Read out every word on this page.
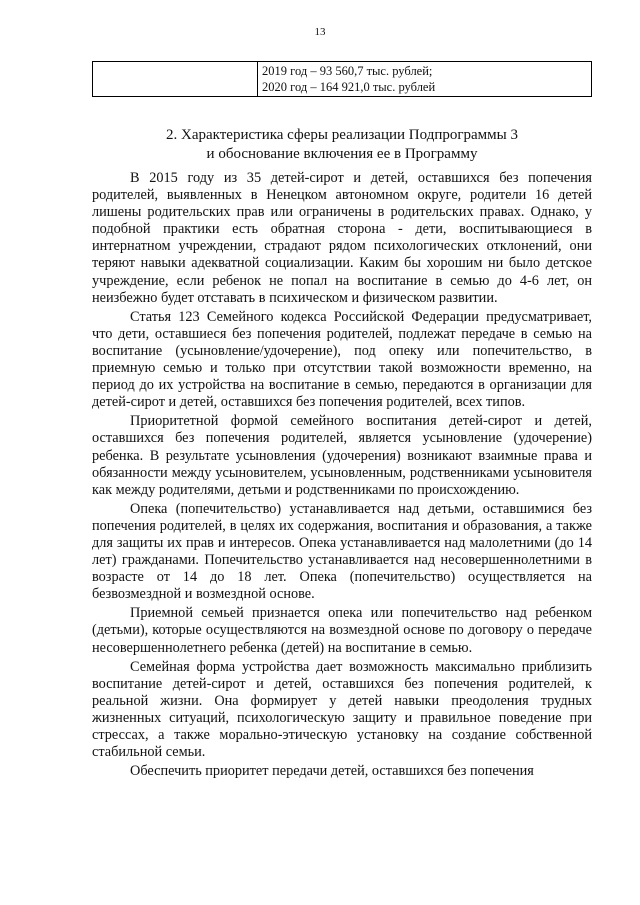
13

2019 год – 93 560,7 тыс. рублей;
2020 год – 164 921,0 тыс. рублей
2. Характеристика сферы реализации Подпрограммы 3
и обоснование включения ее в Программу

В 2015 году из 35 детей-сирот и детей, оставшихся без попечения родителей, выявленных в Ненецком автономном округе, родители 16 детей лишены родительских прав или ограничены в родительских правах. Однако, у подобной практики есть обратная сторона - дети, воспитывающиеся в интернатном учреждении, страдают рядом психологических отклонений, они теряют навыки адекватной социализации. Каким бы хорошим ни было детское учреждение, если ребенок не попал на воспитание в семью до 4-6 лет, он неизбежно будет отставать в психическом и физическом развитии.

Статья 123 Семейного кодекса Российской Федерации предусматривает, что дети, оставшиеся без попечения родителей, подлежат передаче в семью на воспитание (усыновление/удочерение), под опеку или попечительство, в приемную семью и только при отсутствии такой возможности временно, на период до их устройства на воспитание в семью, передаются в организации для детей-сирот и детей, оставшихся без попечения родителей, всех типов.

Приоритетной формой семейного воспитания детей-сирот и детей, оставшихся без попечения родителей, является усыновление (удочерение) ребенка. В результате усыновления (удочерения) возникают взаимные права и обязанности между усыновителем, усыновленным, родственниками усыновителя как между родителями, детьми и родственниками по происхождению.

Опека (попечительство) устанавливается над детьми, оставшимися без попечения родителей, в целях их содержания, воспитания и образования, а также для защиты их прав и интересов. Опека устанавливается над малолетними (до 14 лет) гражданами. Попечительство устанавливается над несовершеннолетними в возрасте от 14 до 18 лет. Опека (попечительство) осуществляется на безвозмездной и возмездной основе.

Приемной семьей признается опека или попечительство над ребенком (детьми), которые осуществляются на возмездной основе по договору о передаче несовершеннолетнего ребенка (детей) на воспитание в семью.

Семейная форма устройства дает возможность максимально приблизить воспитание детей-сирот и детей, оставшихся без попечения родителей, к реальной жизни. Она формирует у детей навыки преодоления трудных жизненных ситуаций, психологическую защиту и правильное поведение при стрессах, а также морально-этическую установку на создание собственной стабильной семьи.

Обеспечить приоритет передачи детей, оставшихся без попечения
